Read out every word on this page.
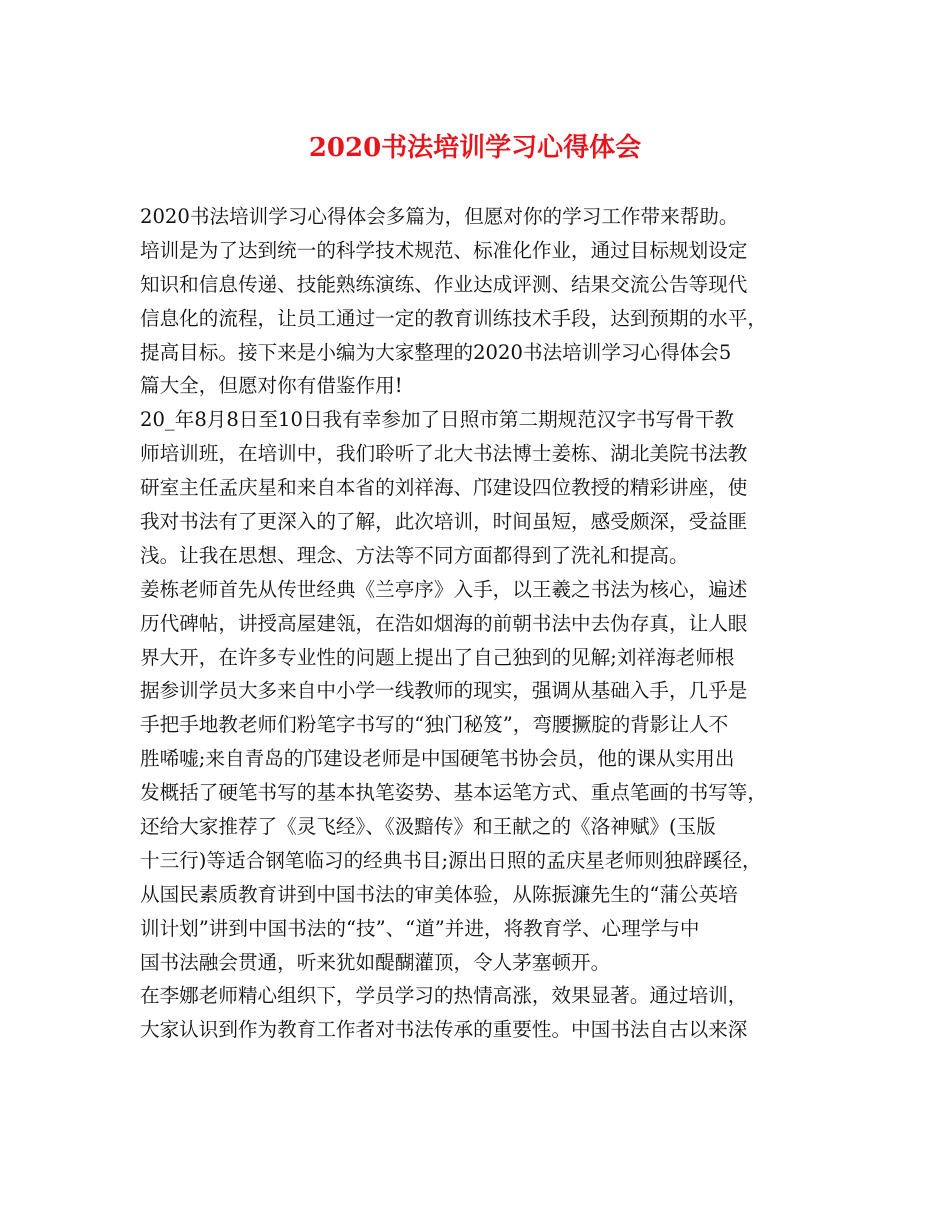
2020书法培训学习心得体会
2020书法培训学习心得体会多篇为，但愿对你的学习工作带来帮助。
培训是为了达到统一的科学技术规范、标准化作业，通过目标规划设定
知识和信息传递、技能熟练演练、作业达成评测、结果交流公告等现代
信息化的流程，让员工通过一定的教育训练技术手段，达到预期的水平，
提高目标。接下来是小编为大家整理的2020书法培训学习心得体会5
篇大全，但愿对你有借鉴作用!
20_年8月8日至10日我有幸参加了日照市第二期规范汉字书写骨干教
师培训班，在培训中，我们聆听了北大书法博士姜栋、湖北美院书法教
研室主任孟庆星和来自本省的刘祥海、邝建设四位教授的精彩讲座，使
我对书法有了更深入的了解，此次培训，时间虽短，感受颇深，受益匪
浅。让我在思想、理念、方法等不同方面都得到了洗礼和提高。
姜栋老师首先从传世经典《兰亭序》入手，以王羲之书法为核心，遍述
历代碑帖，讲授高屋建瓴，在浩如烟海的前朝书法中去伪存真，让人眼
界大开，在许多专业性的问题上提出了自己独到的见解;刘祥海老师根
据参训学员大多来自中小学一线教师的现实，强调从基础入手，几乎是
手把手地教老师们粉笔字书写的“独门秘笈”，弯腰撅腚的背影让人不
胜唏嘘;来自青岛的邝建设老师是中国硬笔书协会员，他的课从实用出
发概括了硬笔书写的基本执笔姿势、基本运笔方式、重点笔画的书写等，
还给大家推荐了《灵飞经》、《汲黯传》和王献之的《洛神赋》(玉版
十三行)等适合钢笔临习的经典书目;源出日照的孟庆星老师则独辟蹊径，
从国民素质教育讲到中国书法的审美体验，从陈振濂先生的“蒲公英培
训计划”讲到中国书法的“技”、“道”并进，将教育学、心理学与中
国书法融会贯通，听来犹如醍醐灌顶，令人茅塞顿开。
在李娜老师精心组织下，学员学习的热情高涨，效果显著。通过培训，
大家认识到作为教育工作者对书法传承的重要性。中国书法自古以来深
